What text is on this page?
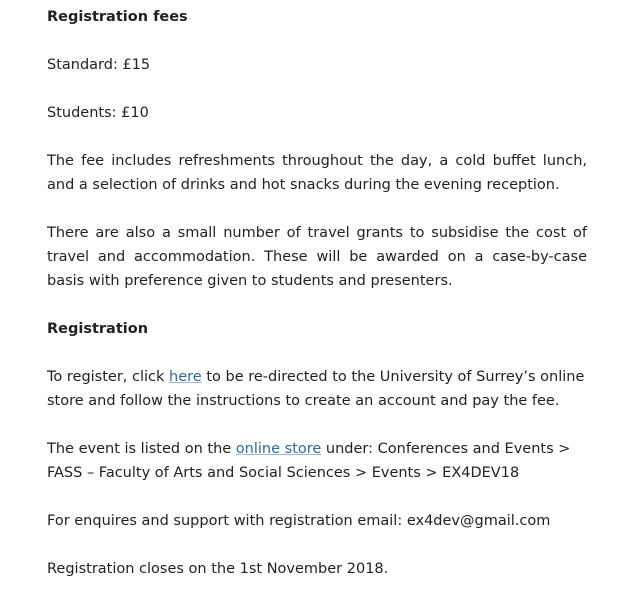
Registration fees

Standard: £15

Students: £10

The fee includes refreshments throughout the day, a cold buffet lunch, and a selection of drinks and hot snacks during the evening reception.

There are also a small number of travel grants to subsidise the cost of travel and accommodation. These will be awarded on a case-by-case basis with preference given to students and presenters.

Registration

To register, click here to be re-directed to the University of Surrey’s online store and follow the instructions to create an account and pay the fee.

The event is listed on the online store under: Conferences and Events > FASS – Faculty of Arts and Social Sciences > Events > EX4DEV18

For enquires and support with registration email: ex4dev@gmail.com

Registration closes on the 1st November 2018.
